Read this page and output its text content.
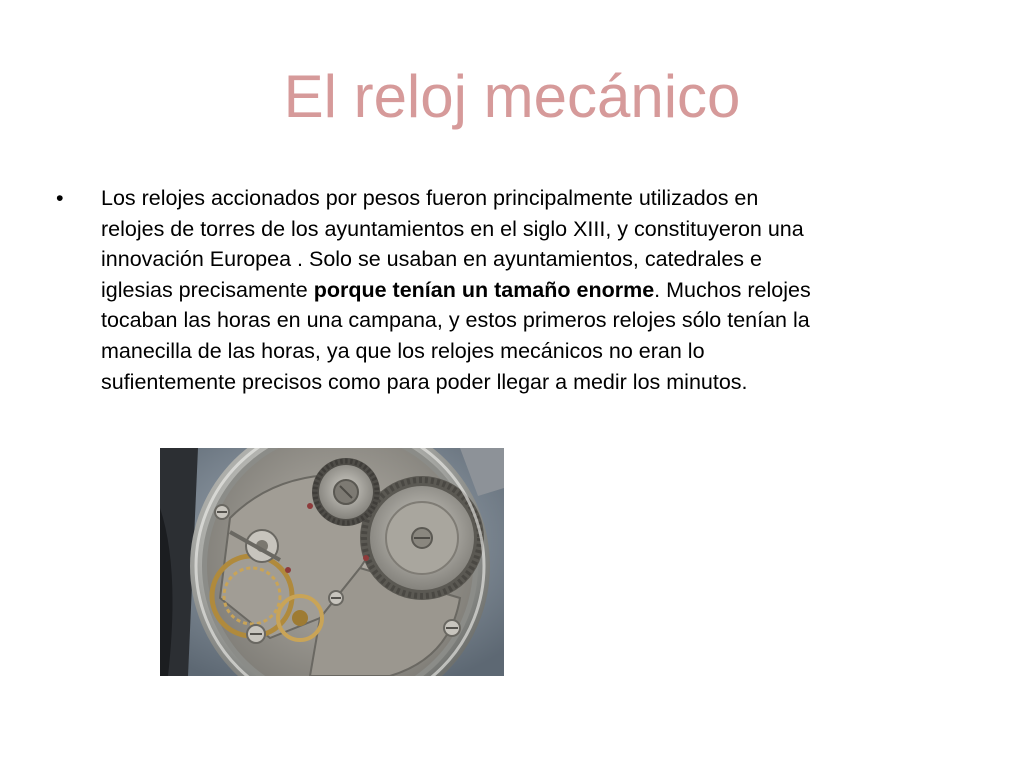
El reloj mecánico
•	Los relojes accionados por pesos fueron principalmente utilizados en
relojes de torres de los ayuntamientos en el siglo XIII, y constituyeron una
innovación Europea . Solo se usaban en ayuntamientos, catedrales e
iglesias precisamente porque tenían un tamaño enorme. Muchos relojes
tocaban las horas en una campana, y estos primeros relojes sólo tenían la
manecilla de las horas, ya que los relojes mecánicos no eran lo
sufientemente precisos como para poder llegar a medir los minutos.
